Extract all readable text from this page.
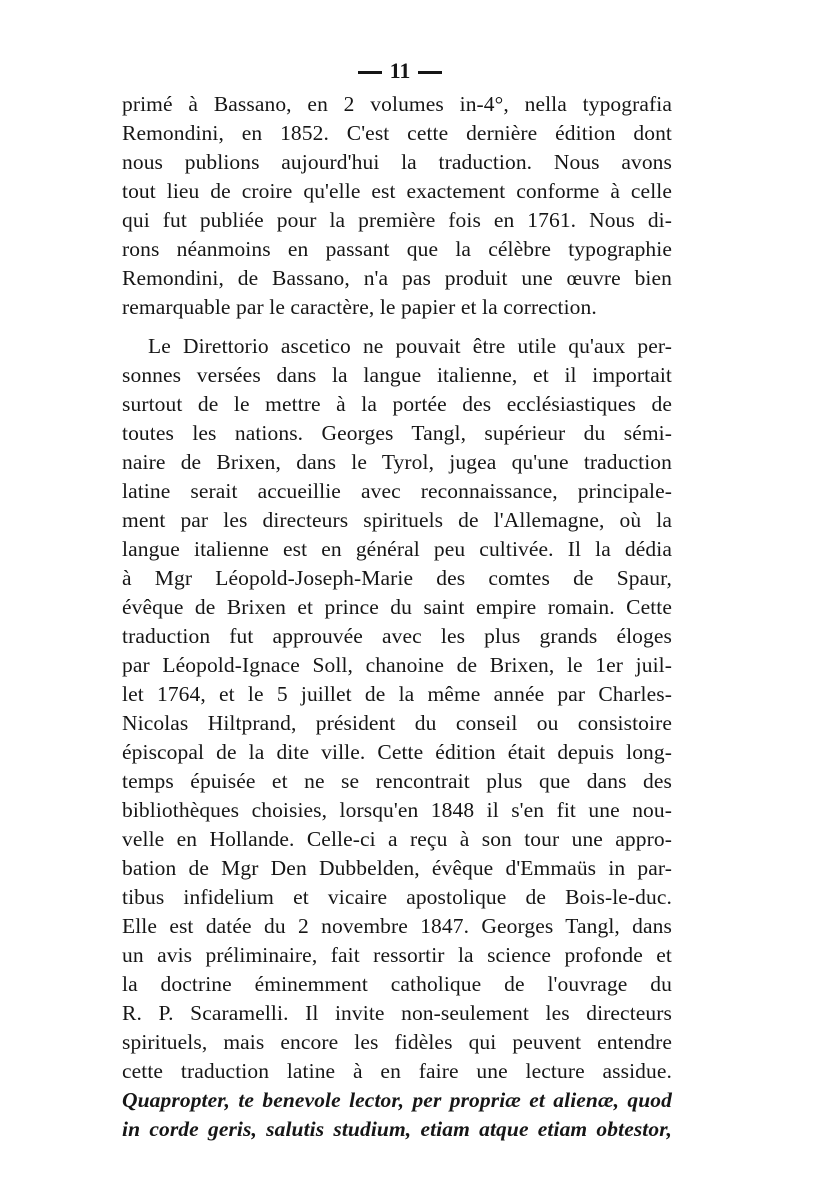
11
primé à Bassano, en 2 volumes in-4°, nella typografia
Remondini, en 1852. C'est cette dernière édition dont
nous publions aujourd'hui la traduction. Nous avons
tout lieu de croire qu'elle est exactement conforme à celle
qui fut publiée pour la première fois en 1761. Nous di-
rons néanmoins en passant que la célèbre typographie
Remondini, de Bassano, n'a pas produit une œuvre bien
remarquable par le caractère, le papier et la correction.
Le Direttorio ascetico ne pouvait être utile qu'aux per-
sonnes versées dans la langue italienne, et il importait
surtout de le mettre à la portée des ecclésiastiques de
toutes les nations. Georges Tangl, supérieur du sémi-
naire de Brixen, dans le Tyrol, jugea qu'une traduction
latine serait accueillie avec reconnaissance, principale-
ment par les directeurs spirituels de l'Allemagne, où la
langue italienne est en général peu cultivée. Il la dédia
à Mgr Léopold-Joseph-Marie des comtes de Spaur,
évêque de Brixen et prince du saint empire romain. Cette
traduction fut approuvée avec les plus grands éloges
par Léopold-Ignace Soll, chanoine de Brixen, le 1er juil-
let 1764, et le 5 juillet de la même année par Charles-
Nicolas Hiltprand, président du conseil ou consistoire
épiscopal de la dite ville. Cette édition était depuis long-
temps épuisée et ne se rencontrait plus que dans des
bibliothèques choisies, lorsqu'en 1848 il s'en fit une nou-
velle en Hollande. Celle-ci a reçu à son tour une appro-
bation de Mgr Den Dubbelden, évêque d'Emmaüs in par-
tibus infidelium et vicaire apostolique de Bois-le-duc.
Elle est datée du 2 novembre 1847. Georges Tangl, dans
un avis préliminaire, fait ressortir la science profonde et
la doctrine éminemment catholique de l'ouvrage du
R. P. Scaramelli. Il invite non-seulement les directeurs
spirituels, mais encore les fidèles qui peuvent entendre
cette traduction latine à en faire une lecture assidue.
Quapropter, te benevole lector, per propriæ et alienæ, quod
in corde geris, salutis studium, etiam atque etiam obtestor,
